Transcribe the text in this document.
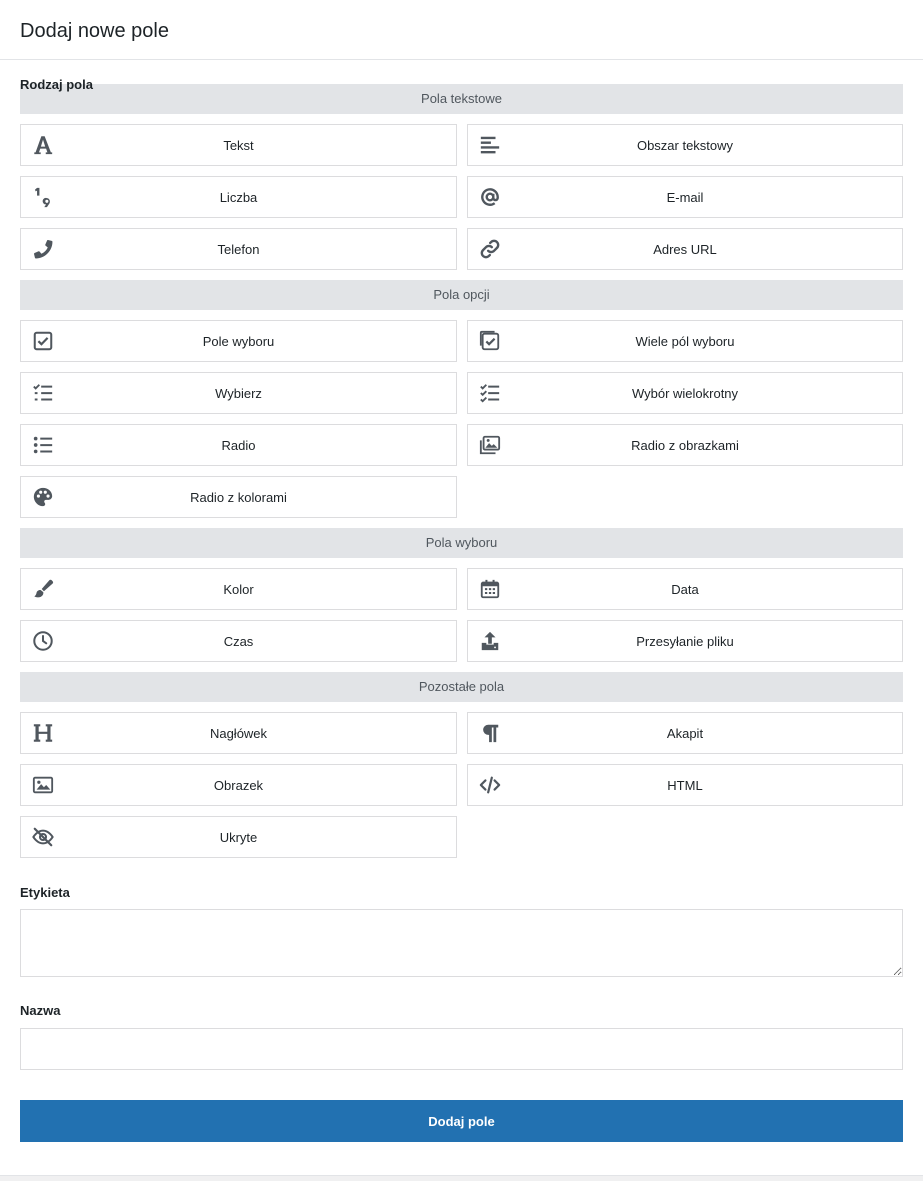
Dodaj nowe pole
Rodzaj pola
Pola tekstowe
Tekst	Obszar tekstowy
Liczba	E-mail
Telefon	Adres URL
Pola opcji
Pole wyboru	Wiele pól wyboru
Wybierz	Wybór wielokrotny
Radio	Radio z obrazkami
Radio z kolorami
Pola wyboru
Kolor	Data
Czas	Przesyłanie pliku
Pozostałe pola
Nagłówek	Akapit
Obrazek	HTML
Ukryte
Etykieta
Nazwa
Dodaj pole
